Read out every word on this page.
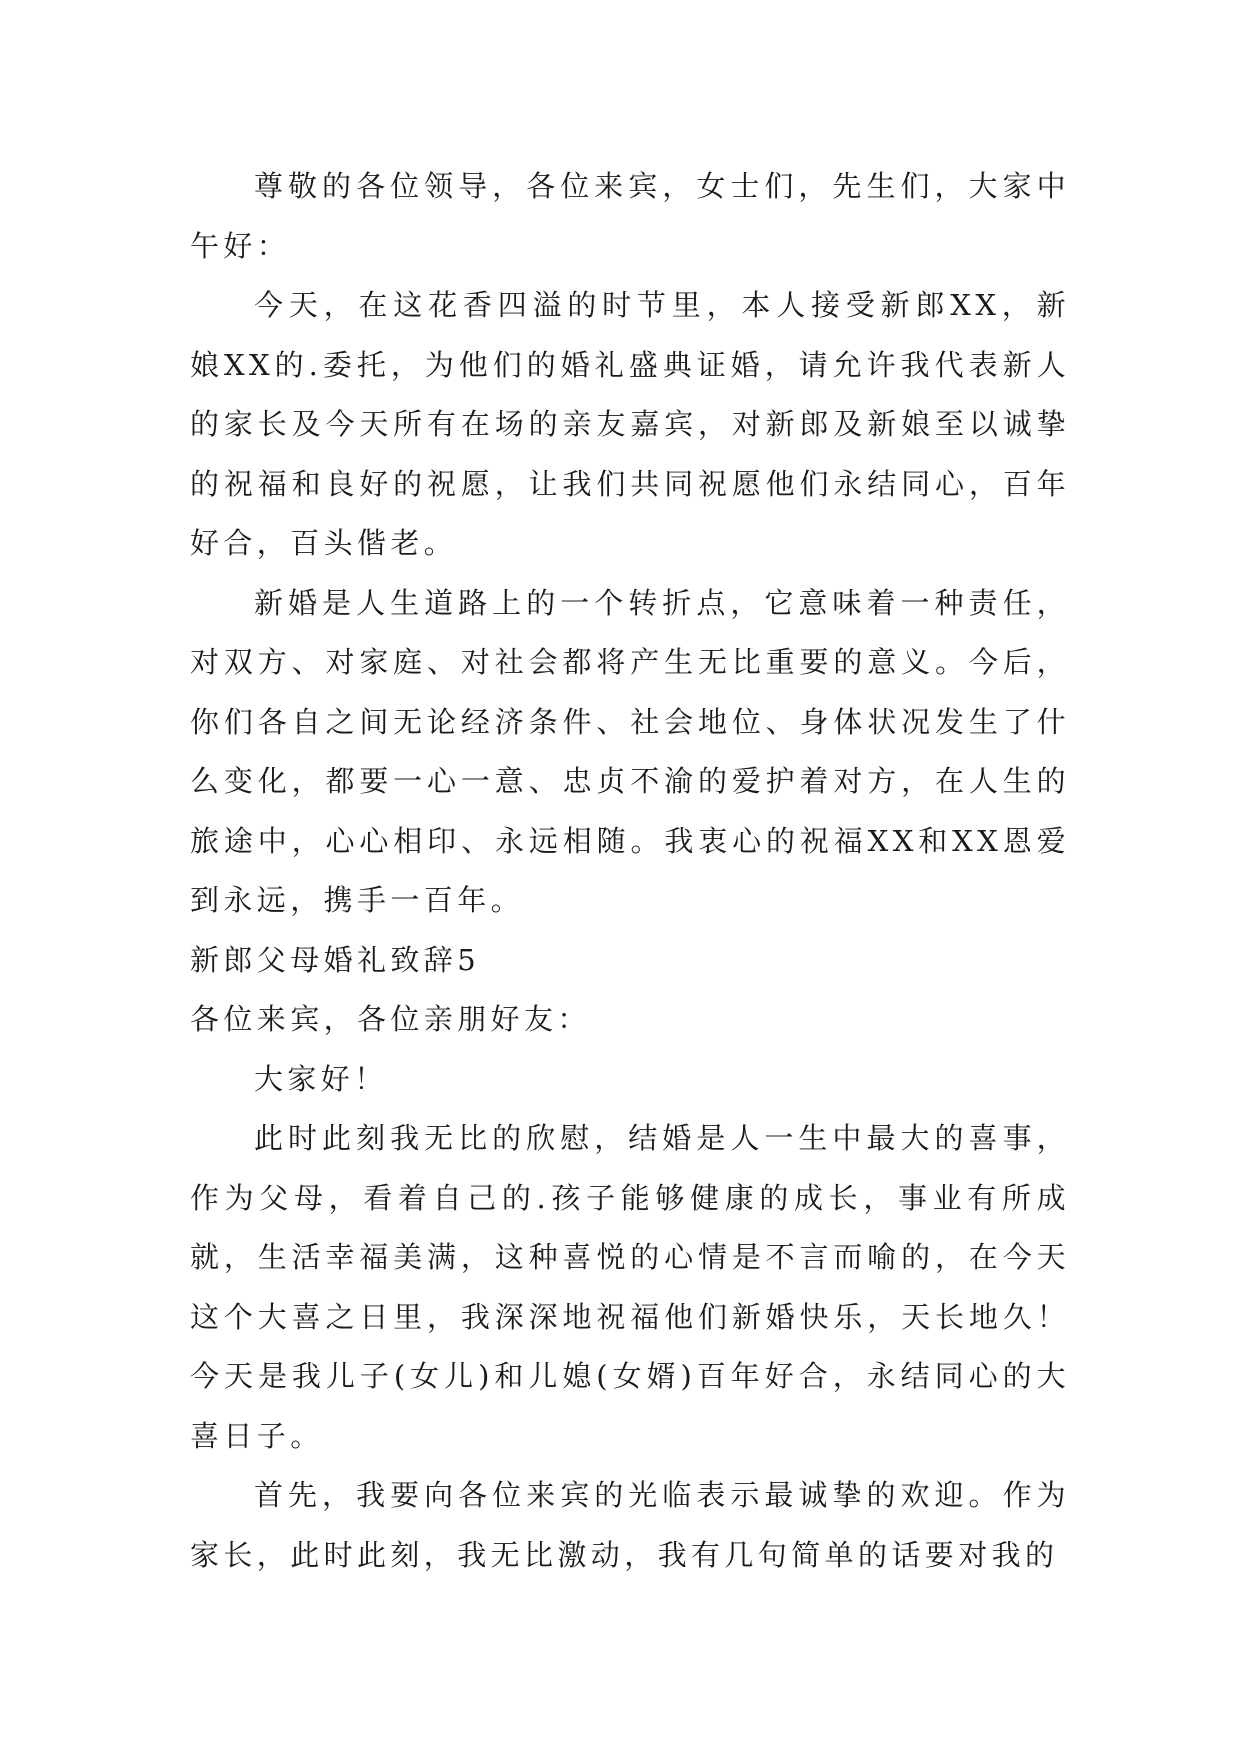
尊敬的各位领导，各位来宾，女士们，先生们，大家中午好：

今天，在这花香四溢的时节里，本人接受新郎XX，新娘XX的.委托，为他们的婚礼盛典证婚，请允许我代表新人的家长及今天所有在场的亲友嘉宾，对新郎及新娘至以诚挚的祝福和良好的祝愿，让我们共同祝愿他们永结同心，百年好合，百头偕老。

新婚是人生道路上的一个转折点，它意味着一种责任，对双方、对家庭、对社会都将产生无比重要的意义。今后，你们各自之间无论经济条件、社会地位、身体状况发生了什么变化，都要一心一意、忠贞不渝的爱护着对方，在人生的旅途中，心心相印、永远相随。我衷心的祝福XX和XX恩爱到永远，携手一百年。

新郎父母婚礼致辞5

各位来宾，各位亲朋好友：

大家好！

此时此刻我无比的欣慰，结婚是人一生中最大的喜事，作为父母，看着自己的.孩子能够健康的成长，事业有所成就，生活幸福美满，这种喜悦的心情是不言而喻的，在今天这个大喜之日里，我深深地祝福他们新婚快乐，天长地久！今天是我儿子(女儿)和儿媳(女婿)百年好合，永结同心的大喜日子。

首先，我要向各位来宾的光临表示最诚挚的欢迎。作为家长，此时此刻，我无比激动，我有几句简单的话要对我的
